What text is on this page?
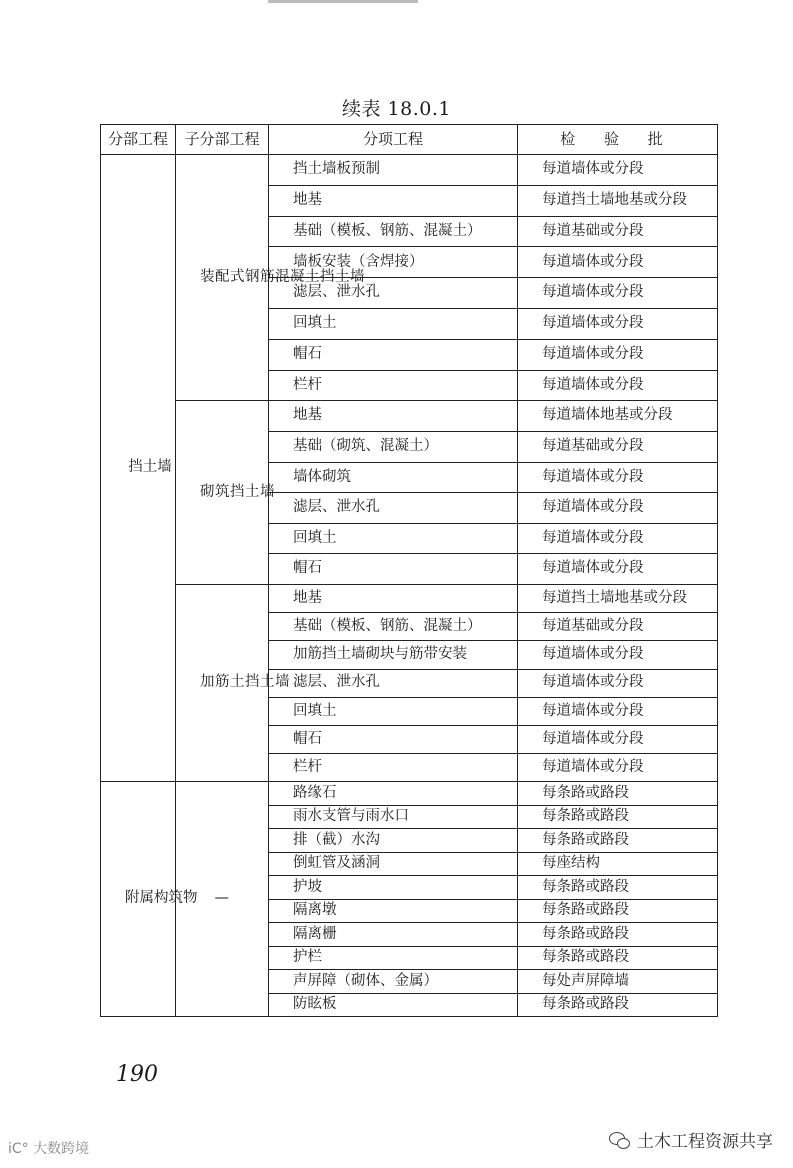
续表 18.0.1
分部工程	子分部工程	分项工程	检 验 批
挡土墙	装配式钢筋混凝土挡土墙	挡土墙板预制	每道墙体或分段
		地基	每道挡土墙地基或分段
		基础（模板、钢筋、混凝土）	每道基础或分段
		墙板安装（含焊接）	每道墙体或分段
		滤层、泄水孔	每道墙体或分段
		回填土	每道墙体或分段
		帽石	每道墙体或分段
		栏杆	每道墙体或分段
	砌筑挡土墙	地基	每道墙体地基或分段
		基础（砌筑、混凝土）	每道基础或分段
		墙体砌筑	每道墙体或分段
		滤层、泄水孔	每道墙体或分段
		回填土	每道墙体或分段
		帽石	每道墙体或分段
	加筋土挡土墙	地基	每道挡土墙地基或分段
		基础（模板、钢筋、混凝土）	每道基础或分段
		加筋挡土墙砌块与筋带安装	每道墙体或分段
		滤层、泄水孔	每道墙体或分段
		回填土	每道墙体或分段
		帽石	每道墙体或分段
		栏杆	每道墙体或分段
附属构筑物	—	路缘石	每条路或路段
		雨水支管与雨水口	每条路或路段
		排（截）水沟	每条路或路段
		倒虹管及涵洞	每座结构
		护坡	每条路或路段
		隔离墩	每条路或路段
		隔离栅	每条路或路段
		护栏	每条路或路段
		声屏障（砌体、金属）	每处声屏障墙
		防眩板	每条路或路段
190
iC° 大数跨境	土木工程资源共享
